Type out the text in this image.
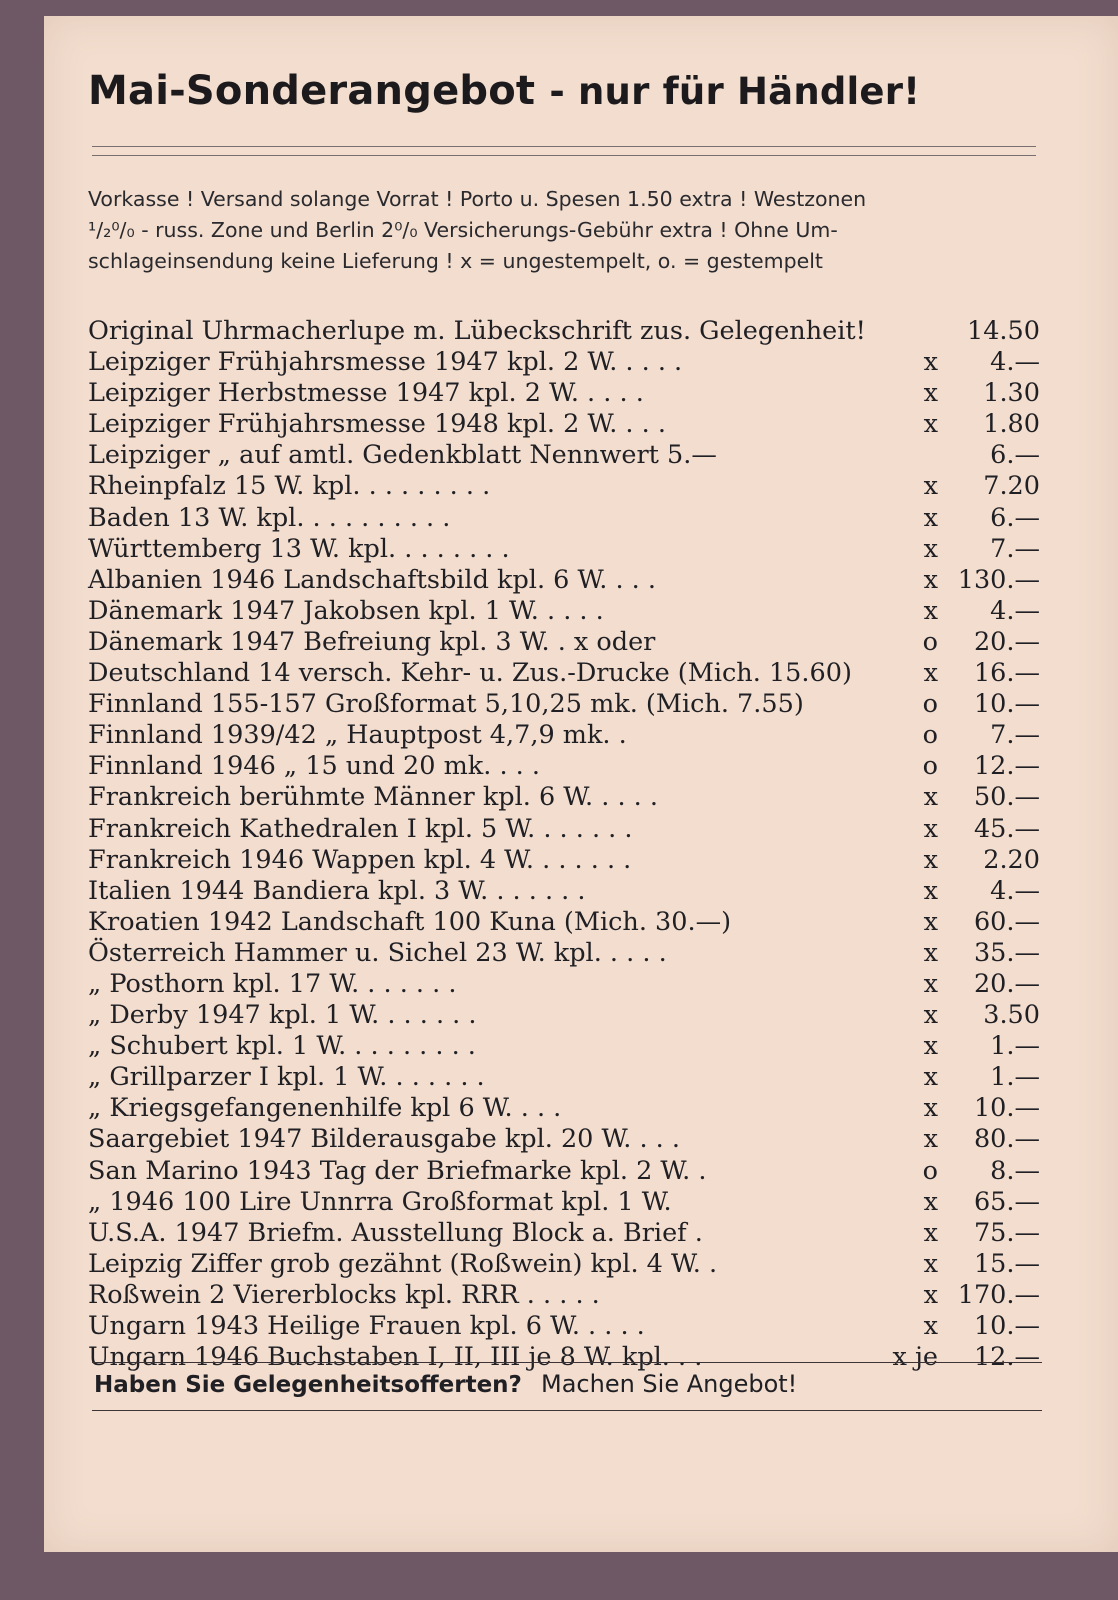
Mai-Sonderangebot - nur für Händler!
Vorkasse ! Versand solange Vorrat ! Porto u. Spesen 1.50 extra ! Westzonen
¹/₂⁰/₀ - russ. Zone und Berlin 2⁰/₀ Versicherungs-Gebühr extra ! Ohne Um-
schlageinsendung keine Lieferung ! x = ungestempelt, o. = gestempelt
Original Uhrmacherlupe m. Lübeckschrift zus. Gelegenheit!	14.50
Leipziger Frühjahrsmesse 1947 kpl. 2 W. . . . .	x	4.—
Leipziger Herbstmesse 1947 kpl. 2 W. . . . .	x	1.30
Leipziger Frühjahrsmesse 1948 kpl. 2 W. . . .	x	1.80
Leipziger „ auf amtl. Gedenkblatt Nennwert 5.—	6.—
Rheinpfalz 15 W. kpl. . . . . . . . .	x	7.20
Baden 13 W. kpl. . . . . . . . . .	x	6.—
Württemberg 13 W. kpl. . . . . . . .	x	7.—
Albanien 1946 Landschaftsbild kpl. 6 W. . . .	x 130.—
Dänemark 1947 Jakobsen kpl. 1 W. . . . .	x	4.—
Dänemark 1947 Befreiung kpl. 3 W. . x oder	o	20.—
Deutschland 14 versch. Kehr- u. Zus.-Drucke (Mich. 15.60)	x	16.—
Finnland 155-157 Großformat 5,10,25 mk. (Mich. 7.55)	o	10.—
Finnland 1939/42 „ Hauptpost 4,7,9 mk. .	o	7.—
Finnland 1946 „ 15 und 20 mk. . . .	o	12.—
Frankreich berühmte Männer kpl. 6 W. . . . .	x	50.—
Frankreich Kathedralen I kpl. 5 W. . . . . . .	x	45.—
Frankreich 1946 Wappen kpl. 4 W. . . . . . .	x	2.20
Italien 1944 Bandiera kpl. 3 W. . . . . . .	x	4.—
Kroatien 1942 Landschaft 100 Kuna (Mich. 30.—)	x	60.—
Österreich Hammer u. Sichel 23 W. kpl. . . . .	x	35.—
„ Posthorn kpl. 17 W. . . . . . .	x	20.—
„ Derby 1947 kpl. 1 W. . . . . . .	x	3.50
„ Schubert kpl. 1 W. . . . . . . . .	x	1.—
„ Grillparzer I kpl. 1 W. . . . . . .	x	1.—
„ Kriegsgefangenenhilfe kpl 6 W. . . .	x	10.—
Saargebiet 1947 Bilderausgabe kpl. 20 W. . . .	x	80.—
San Marino 1943 Tag der Briefmarke kpl. 2 W. .	o	8.—
„ 1946 100 Lire Unnrra Großformat kpl. 1 W.	x	65.—
U.S.A. 1947 Briefm. Ausstellung Block a. Brief .	x	75.—
Leipzig Ziffer grob gezähnt (Roßwein) kpl. 4 W. .	x	15.—
Roßwein 2 Viererblocks kpl. RRR . . . . .	x 170.—
Ungarn 1943 Heilige Frauen kpl. 6 W. . . . .	x	10.—
Ungarn 1946 Buchstaben I, II, III je 8 W. kpl. . .	x je	12.—
Haben Sie Gelegenheitsofferten? Machen Sie Angebot!
